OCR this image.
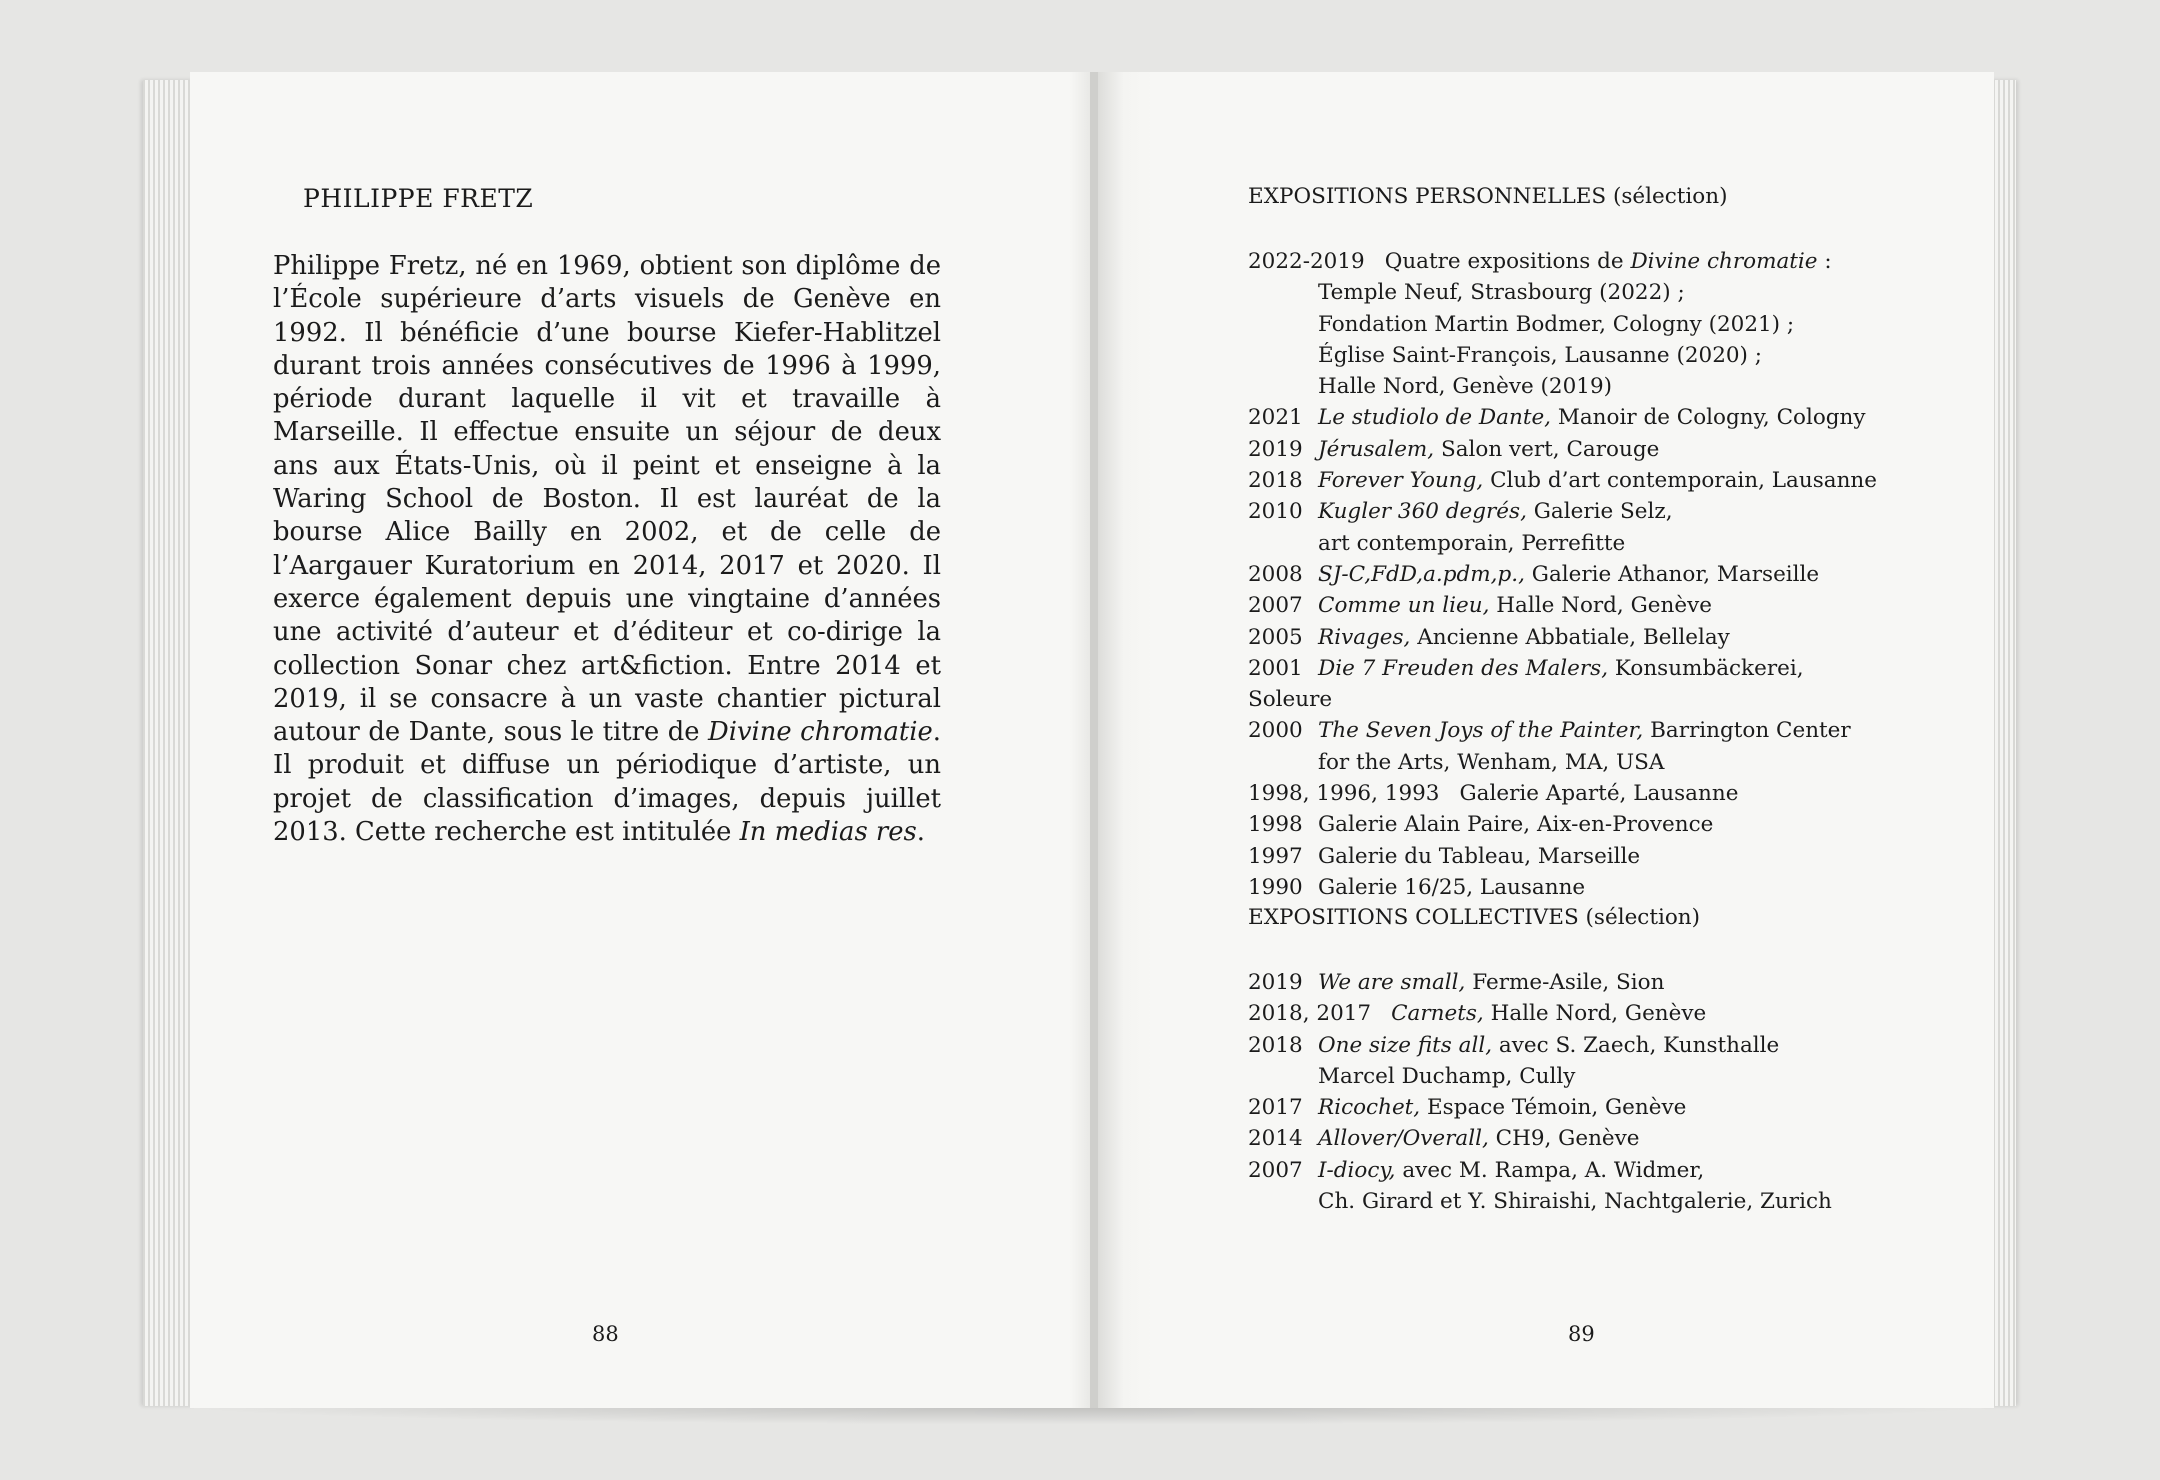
PHILIPPE FRETZ
Philippe Fretz, né en 1969, obtient son diplôme de l’École supérieure d’arts visuels de Genève en 1992. Il bénéficie d’une bourse Kiefer-Hablitzel durant trois années consécutives de 1996 à 1999, période durant laquelle il vit et travaille à Marseille. Il effectue ensuite un séjour de deux ans aux États-Unis, où il peint et enseigne à la Waring School de Boston. Il est lauréat de la bourse Alice Bailly en 2002, et de celle de l’Aargauer Kuratorium en 2014, 2017 et 2020. Il exerce également depuis une vingtaine d’années une activité d’auteur et d’éditeur et co-dirige la collection Sonar chez art&fiction. Entre 2014 et 2019, il se consacre à un vaste chantier pictural autour de Dante, sous le titre de Divine chromatie. Il produit et diffuse un périodique d’artiste, un projet de classification d’images, depuis juillet 2013. Cette recherche est intitulée In medias res.
88
EXPOSITIONS PERSONNELLES (sélection)
2022-2019 Quatre expositions de Divine chromatie :
Temple Neuf, Strasbourg (2022) ;
Fondation Martin Bodmer, Cologny (2021) ;
Église Saint-François, Lausanne (2020) ;
Halle Nord, Genève (2019)
2021 Le studiolo de Dante, Manoir de Cologny, Cologny
2019 Jérusalem, Salon vert, Carouge
2018 Forever Young, Club d’art contemporain, Lausanne
2010 Kugler 360 degrés, Galerie Selz,
art contemporain, Perrefitte
2008 SJ-C,FdD,a.pdm,p., Galerie Athanor, Marseille
2007 Comme un lieu, Halle Nord, Genève
2005 Rivages, Ancienne Abbatiale, Bellelay
2001 Die 7 Freuden des Malers, Konsumbäckerei, Soleure
2000 The Seven Joys of the Painter, Barrington Center
for the Arts, Wenham, MA, USA
1998, 1996, 1993 Galerie Aparté, Lausanne
1998 Galerie Alain Paire, Aix-en-Provence
1997 Galerie du Tableau, Marseille
1990 Galerie 16/25, Lausanne
EXPOSITIONS COLLECTIVES (sélection)
2019 We are small, Ferme-Asile, Sion
2018, 2017 Carnets, Halle Nord, Genève
2018 One size fits all, avec S. Zaech, Kunsthalle
Marcel Duchamp, Cully
2017 Ricochet, Espace Témoin, Genève
2014 Allover/Overall, CH9, Genève
2007 I-diocy, avec M. Rampa, A. Widmer,
Ch. Girard et Y. Shiraishi, Nachtgalerie, Zurich
89
